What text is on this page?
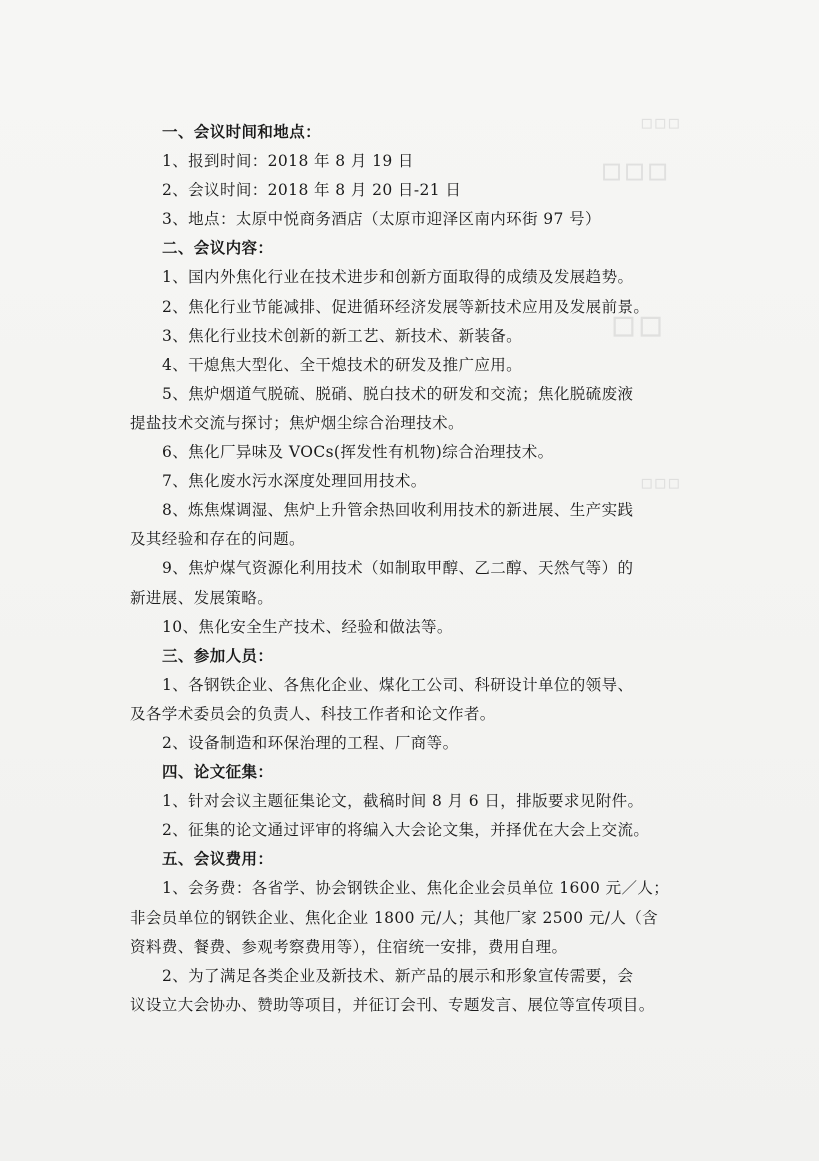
▫▫▫
▫▫▫
▫▫
▫▫▫
一、会议时间和地点：
1、报到时间：2018 年 8 月 19 日
2、会议时间：2018 年 8 月 20 日-21 日
3、地点：太原中悦商务酒店（太原市迎泽区南内环街 97 号）
二、会议内容：
1、国内外焦化行业在技术进步和创新方面取得的成绩及发展趋势。
2、焦化行业节能减排、促进循环经济发展等新技术应用及发展前景。
3、焦化行业技术创新的新工艺、新技术、新装备。
4、干熄焦大型化、全干熄技术的研发及推广应用。
5、焦炉烟道气脱硫、脱硝、脱白技术的研发和交流；焦化脱硫废液
提盐技术交流与探讨；焦炉烟尘综合治理技术。
6、焦化厂异味及 VOCs(挥发性有机物)综合治理技术。
7、焦化废水污水深度处理回用技术。
8、炼焦煤调湿、焦炉上升管余热回收利用技术的新进展、生产实践
及其经验和存在的问题。
9、焦炉煤气资源化利用技术（如制取甲醇、乙二醇、天然气等）的
新进展、发展策略。
10、焦化安全生产技术、经验和做法等。
三、参加人员：
1、各钢铁企业、各焦化企业、煤化工公司、科研设计单位的领导、
及各学术委员会的负责人、科技工作者和论文作者。
2、设备制造和环保治理的工程、厂商等。
四、论文征集：
1、针对会议主题征集论文，截稿时间 8 月 6 日，排版要求见附件。
2、征集的论文通过评审的将编入大会论文集，并择优在大会上交流。
五、会议费用：
1、会务费：各省学、协会钢铁企业、焦化企业会员单位 1600 元／人；
非会员单位的钢铁企业、焦化企业 1800 元/人；其他厂家 2500 元/人（含
资料费、餐费、参观考察费用等），住宿统一安排，费用自理。
2、为了满足各类企业及新技术、新产品的展示和形象宣传需要，会
议设立大会协办、赞助等项目，并征订会刊、专题发言、展位等宣传项目。
